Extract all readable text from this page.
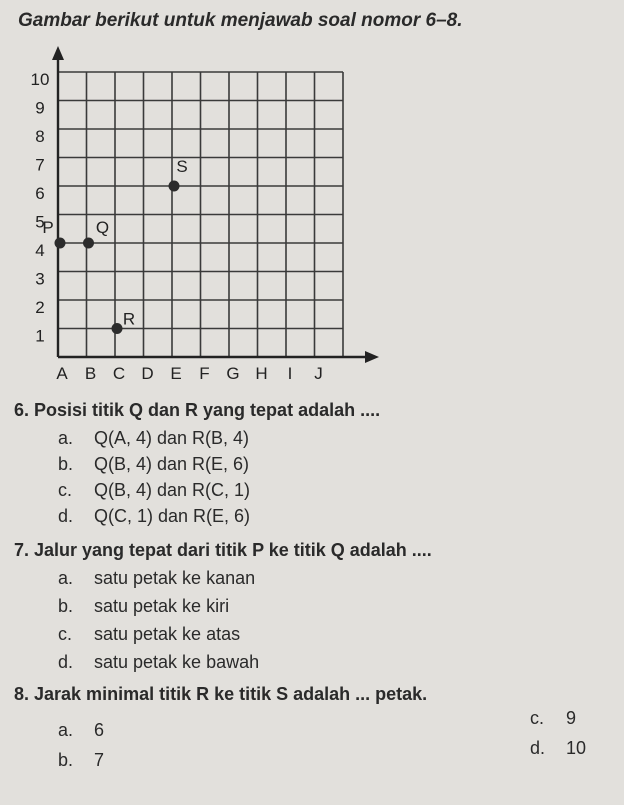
Gambar berikut untuk menjawab soal nomor 6–8.
A B C D E F G H I J
1
2
3
4
5
6
7
8
9
10
P Q
R
S
6. Posisi titik Q dan R yang tepat adalah ....
a. Q(A, 4) dan R(B, 4)
b. Q(B, 4) dan R(E, 6)
c. Q(B, 4) dan R(C, 1)
d. Q(C, 1) dan R(E, 6)
7. Jalur yang tepat dari titik P ke titik Q adalah ....
a. satu petak ke kanan
b. satu petak ke kiri
c. satu petak ke atas
d. satu petak ke bawah
8. Jarak minimal titik R ke titik S adalah ... petak.
a. 6
b. 7
c. 9
d. 10
